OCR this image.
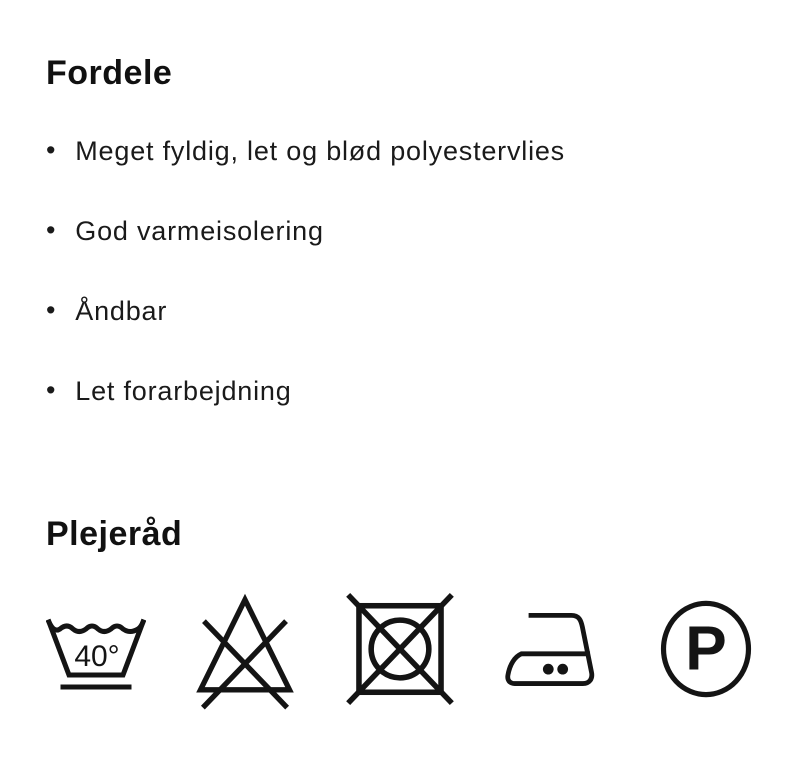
Fordele
• Meget fyldig, let og blød polyestervlies
• God varmeisolering
• Åndbar
• Let forarbejdning
Plejeråd
40°	P
